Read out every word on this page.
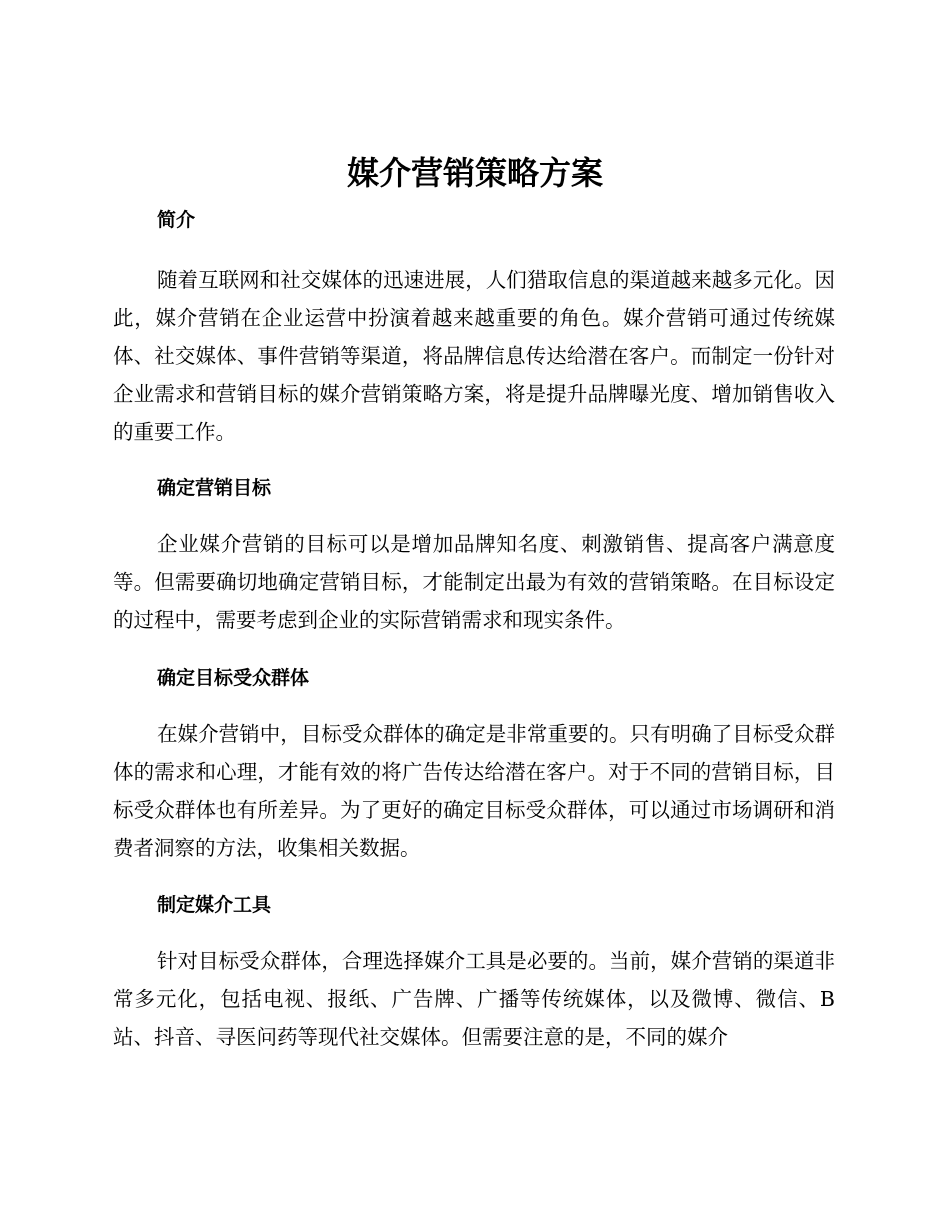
媒介营销策略方案
简介

随着互联网和社交媒体的迅速进展，人们猎取信息的渠道越来越多元化。因此，媒介营销在企业运营中扮演着越来越重要的角色。媒介营销可通过传统媒体、社交媒体、事件营销等渠道，将品牌信息传达给潜在客户。而制定一份针对企业需求和营销目标的媒介营销策略方案，将是提升品牌曝光度、增加销售收入的重要工作。

确定营销目标

企业媒介营销的目标可以是增加品牌知名度、刺激销售、提高客户满意度等。但需要确切地确定营销目标，才能制定出最为有效的营销策略。在目标设定的过程中，需要考虑到企业的实际营销需求和现实条件。

确定目标受众群体

在媒介营销中，目标受众群体的确定是非常重要的。只有明确了目标受众群体的需求和心理，才能有效的将广告传达给潜在客户。对于不同的营销目标，目标受众群体也有所差异。为了更好的确定目标受众群体，可以通过市场调研和消费者洞察的方法，收集相关数据。

制定媒介工具

针对目标受众群体，合理选择媒介工具是必要的。当前，媒介营销的渠道非常多元化，包括电视、报纸、广告牌、广播等传统媒体，以及微博、微信、B站、抖音、寻医问药等现代社交媒体。但需要注意的是，不同的媒介
